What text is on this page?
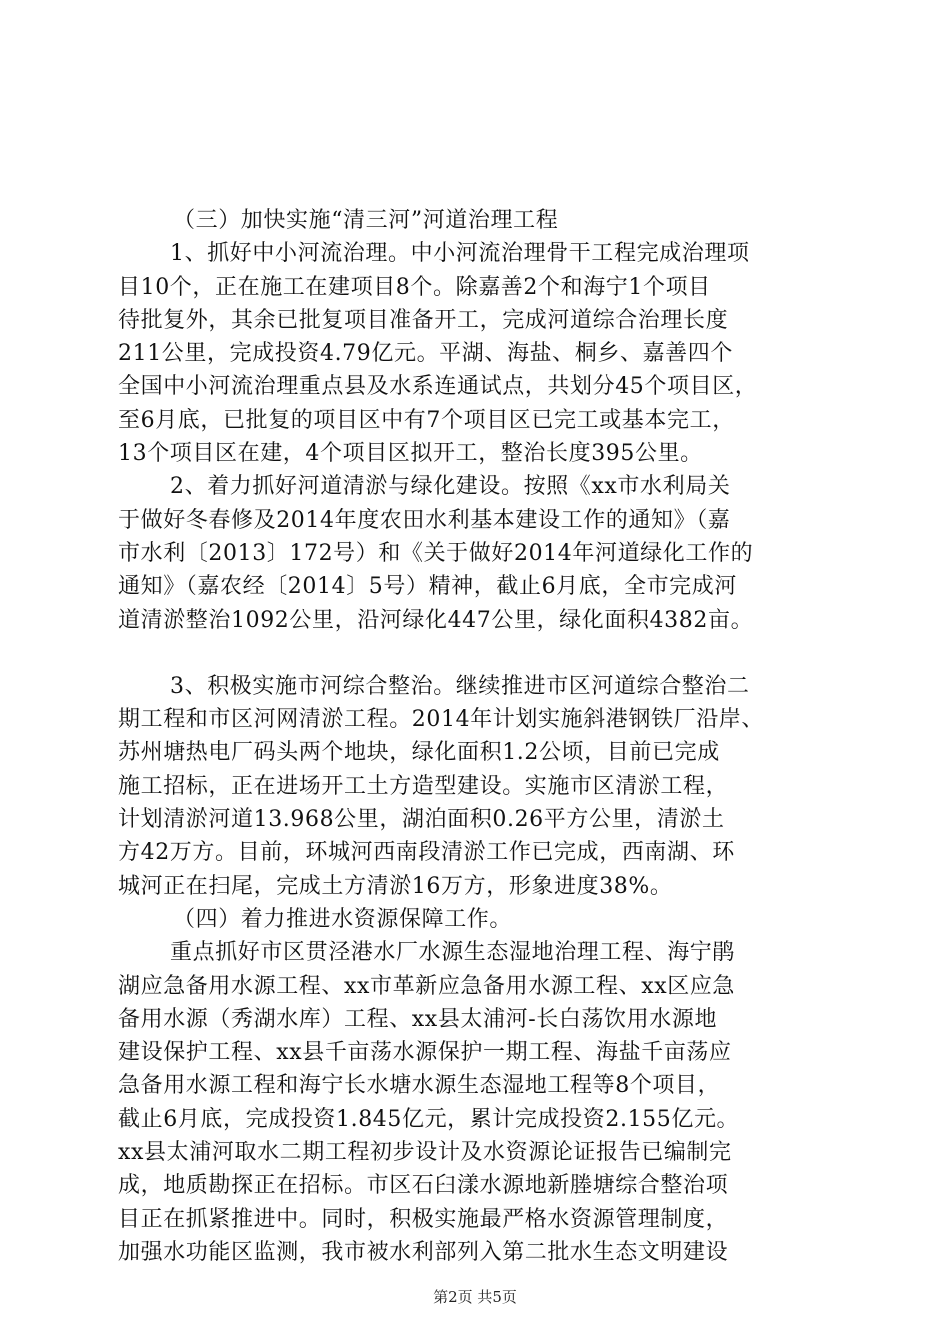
（三）加快实施“清三河”河道治理工程
1、抓好中小河流治理。中小河流治理骨干工程完成治理项
目10个，正在施工在建项目8个。除嘉善2个和海宁1个项目
待批复外，其余已批复项目准备开工，完成河道综合治理长度
211公里，完成投资4.79亿元。平湖、海盐、桐乡、嘉善四个
全国中小河流治理重点县及水系连通试点，共划分45个项目区，
至6月底，已批复的项目区中有7个项目区已完工或基本完工，
13个项目区在建，4个项目区拟开工，整治长度395公里。
2、着力抓好河道清淤与绿化建设。按照《xx市水利局关
于做好冬春修及2014年度农田水利基本建设工作的通知》（嘉
市水利〔2013〕172号）和《关于做好2014年河道绿化工作的
通知》（嘉农经〔2014〕5号）精神，截止6月底，全市完成河
道清淤整治1092公里，沿河绿化447公里，绿化面积4382亩。
3、积极实施市河综合整治。继续推进市区河道综合整治二
期工程和市区河网清淤工程。2014年计划实施斜港钢铁厂沿岸、
苏州塘热电厂码头两个地块，绿化面积1.2公顷，目前已完成
施工招标，正在进场开工土方造型建设。实施市区清淤工程，
计划清淤河道13.968公里，湖泊面积0.26平方公里，清淤土
方42万方。目前，环城河西南段清淤工作已完成，西南湖、环
城河正在扫尾，完成土方清淤16万方，形象进度38%。
（四）着力推进水资源保障工作。
重点抓好市区贯泾港水厂水源生态湿地治理工程、海宁鹃
湖应急备用水源工程、xx市革新应急备用水源工程、xx区应急
备用水源（秀湖水库）工程、xx县太浦河-长白荡饮用水源地
建设保护工程、xx县千亩荡水源保护一期工程、海盐千亩荡应
急备用水源工程和海宁长水塘水源生态湿地工程等8个项目，
截止6月底，完成投资1.845亿元，累计完成投资2.155亿元。
xx县太浦河取水二期工程初步设计及水资源论证报告已编制完
成，地质勘探正在招标。市区石臼漾水源地新塍塘综合整治项
目正在抓紧推进中。同时，积极实施最严格水资源管理制度，
加强水功能区监测，我市被水利部列入第二批水生态文明建设
第2页 共5页
